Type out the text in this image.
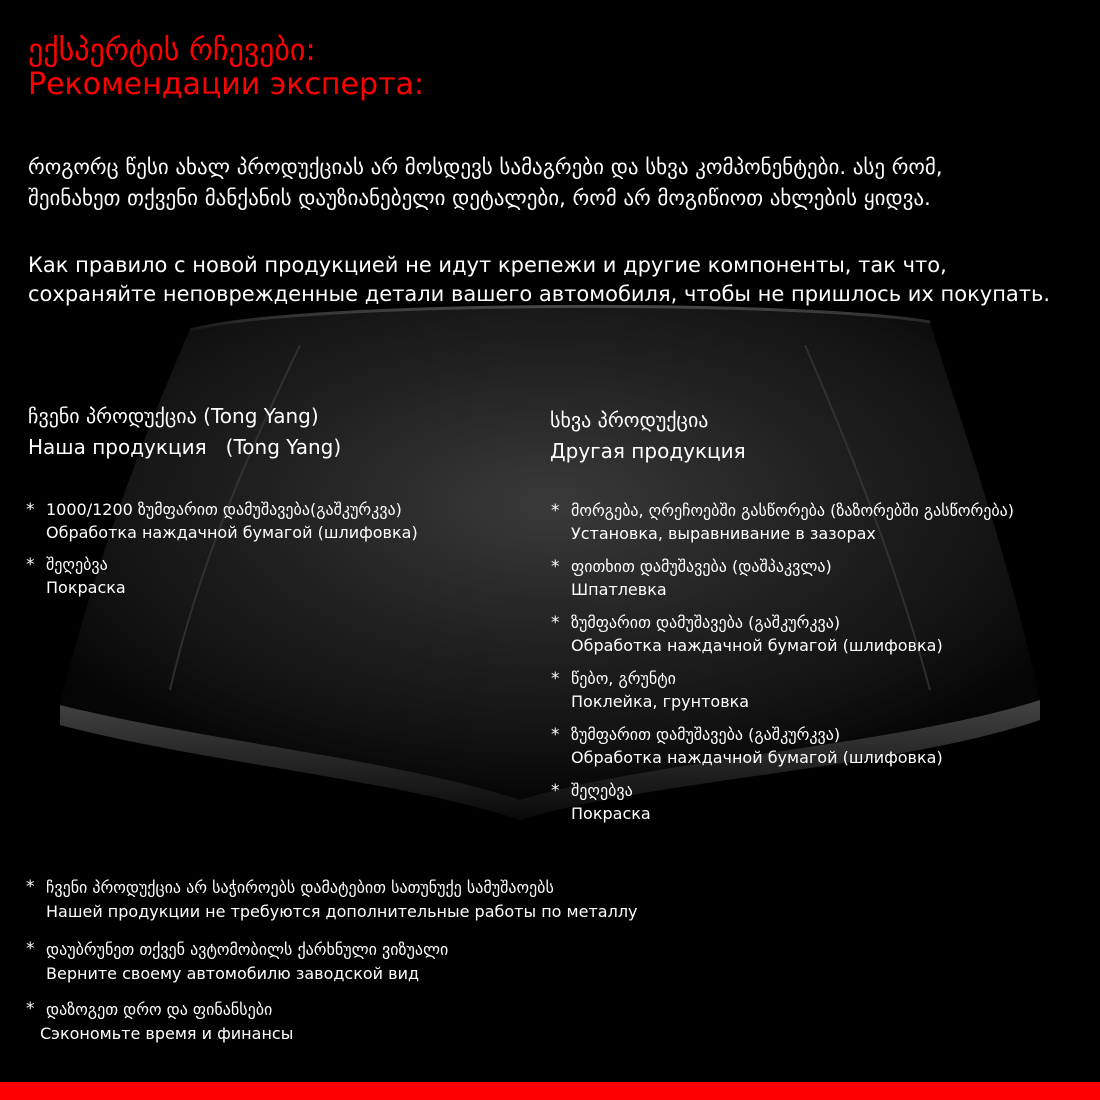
ექსპერტის რჩევები:
Рекомендации эксперта:
როგორც წესი ახალ პროდუქციას არ მოსდევს სამაგრები და სხვა კომპონენტები. ასე რომ, შეინახეთ თქვენი მანქანის დაუზიანებელი დეტალები, რომ არ მოგიწიოთ ახლების ყიდვა.
Как правило с новой продукцией не идут крепежи и другие компоненты, так что, сохраняйте неповрежденные детали вашего автомобиля, чтобы не пришлось их покупать.
ჩვენი პროდუქცია (Tong Yang)
Наша продукция   (Tong Yang)
სხვა პროდუქცია
Другая продукция
* 1000/1200 ზუმფარით დამუშავება(გაშკურკვა)
Обработка наждачной бумагой (шлифовка)
* შეღებვა
Покраска
* მორგება, ღრეჩოებში გასწორება (ზაზორებში გასწორება)
Установка, выравнивание в зазорах
* ფითხით დამუშავება (დაშპაკვლა)
Шпатлевка
* ზუმფარით დამუშავება (გაშკურკვა)
Обработка наждачной бумагой (шлифовка)
* წებო, გრუნტი
Поклейка, грунтовка
* ზუმფარით დამუშავება (გაშკურკვა)
Обработка наждачной бумагой (шлифовка)
* შეღებვა
Покраска
* ჩვენი პროდუქცია არ საჭიროებს დამატებით სათუნუქე სამუშაოებს
Нашей продукции не требуются дополнительные работы по металлу
* დაუბრუნეთ თქვენ ავტომობილს ქარხნული ვიზუალი
Верните своему автомобилю заводской вид
* დაზოგეთ დრო და ფინანსები
Сэкономьте время и финансы
